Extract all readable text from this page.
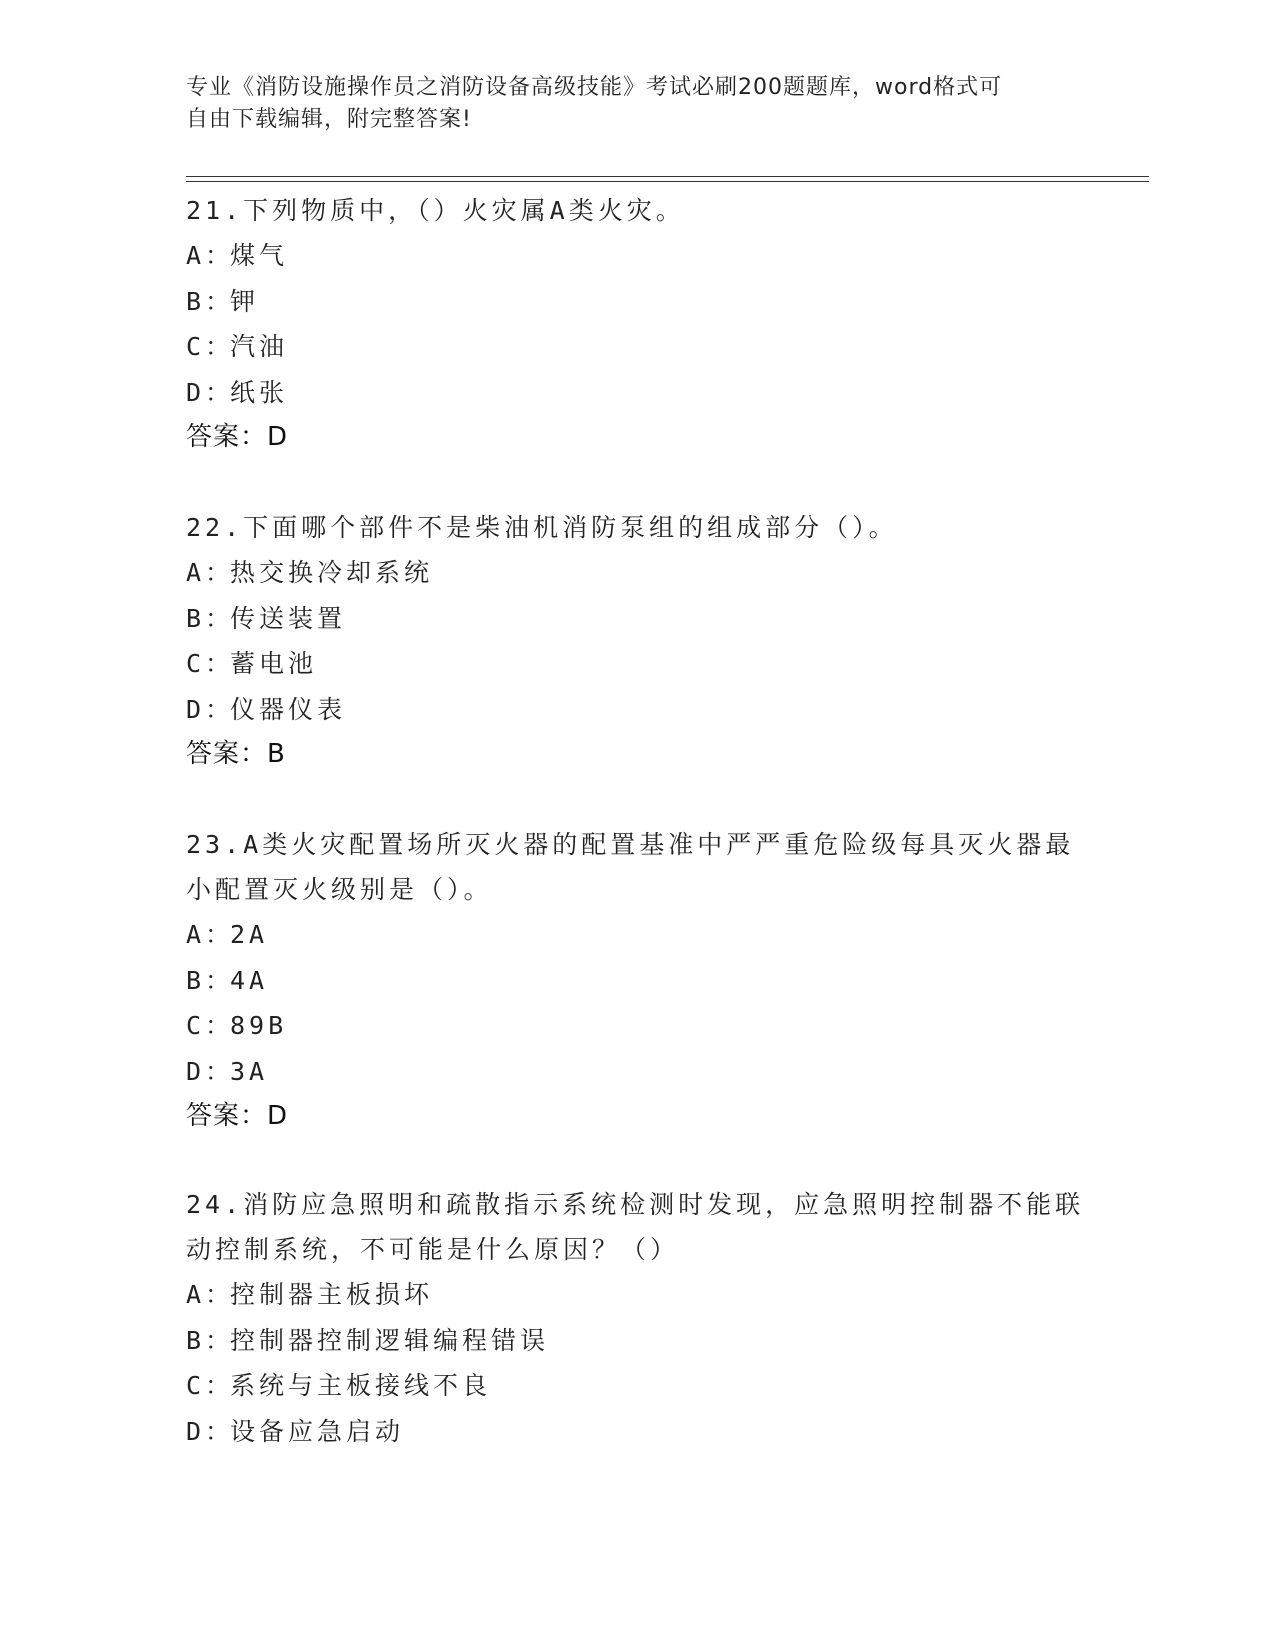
专业《消防设施操作员之消防设备高级技能》考试必刷200题题库，word格式可
自由下载编辑，附完整答案!

21.下列物质中，（）火灾属A类火灾。

A：
煤气

B：
钾

C：
汽油

D：
纸张

答案：D

22.下面哪个部件不是柴油机消防泵组的组成部分（）。

A：
热交换冷却系统

B：
传送装置

C：
蓄电池

D：
仪器仪表

答案：B

23.A类火灾配置场所灭火器的配置基准中严严重危险级每具灭火器最

小配置灭火级别是（）。

A：
2A

B：
4A

C：
89B

D：
3A

答案：D

24.消防应急照明和疏散指示系统检测时发现，应急照明控制器不能联

动控制系统，不可能是什么原因？（）

A：
控制器主板损坏

B：
控制器控制逻辑编程错误

C：
系统与主板接线不良

D：
设备应急启动
